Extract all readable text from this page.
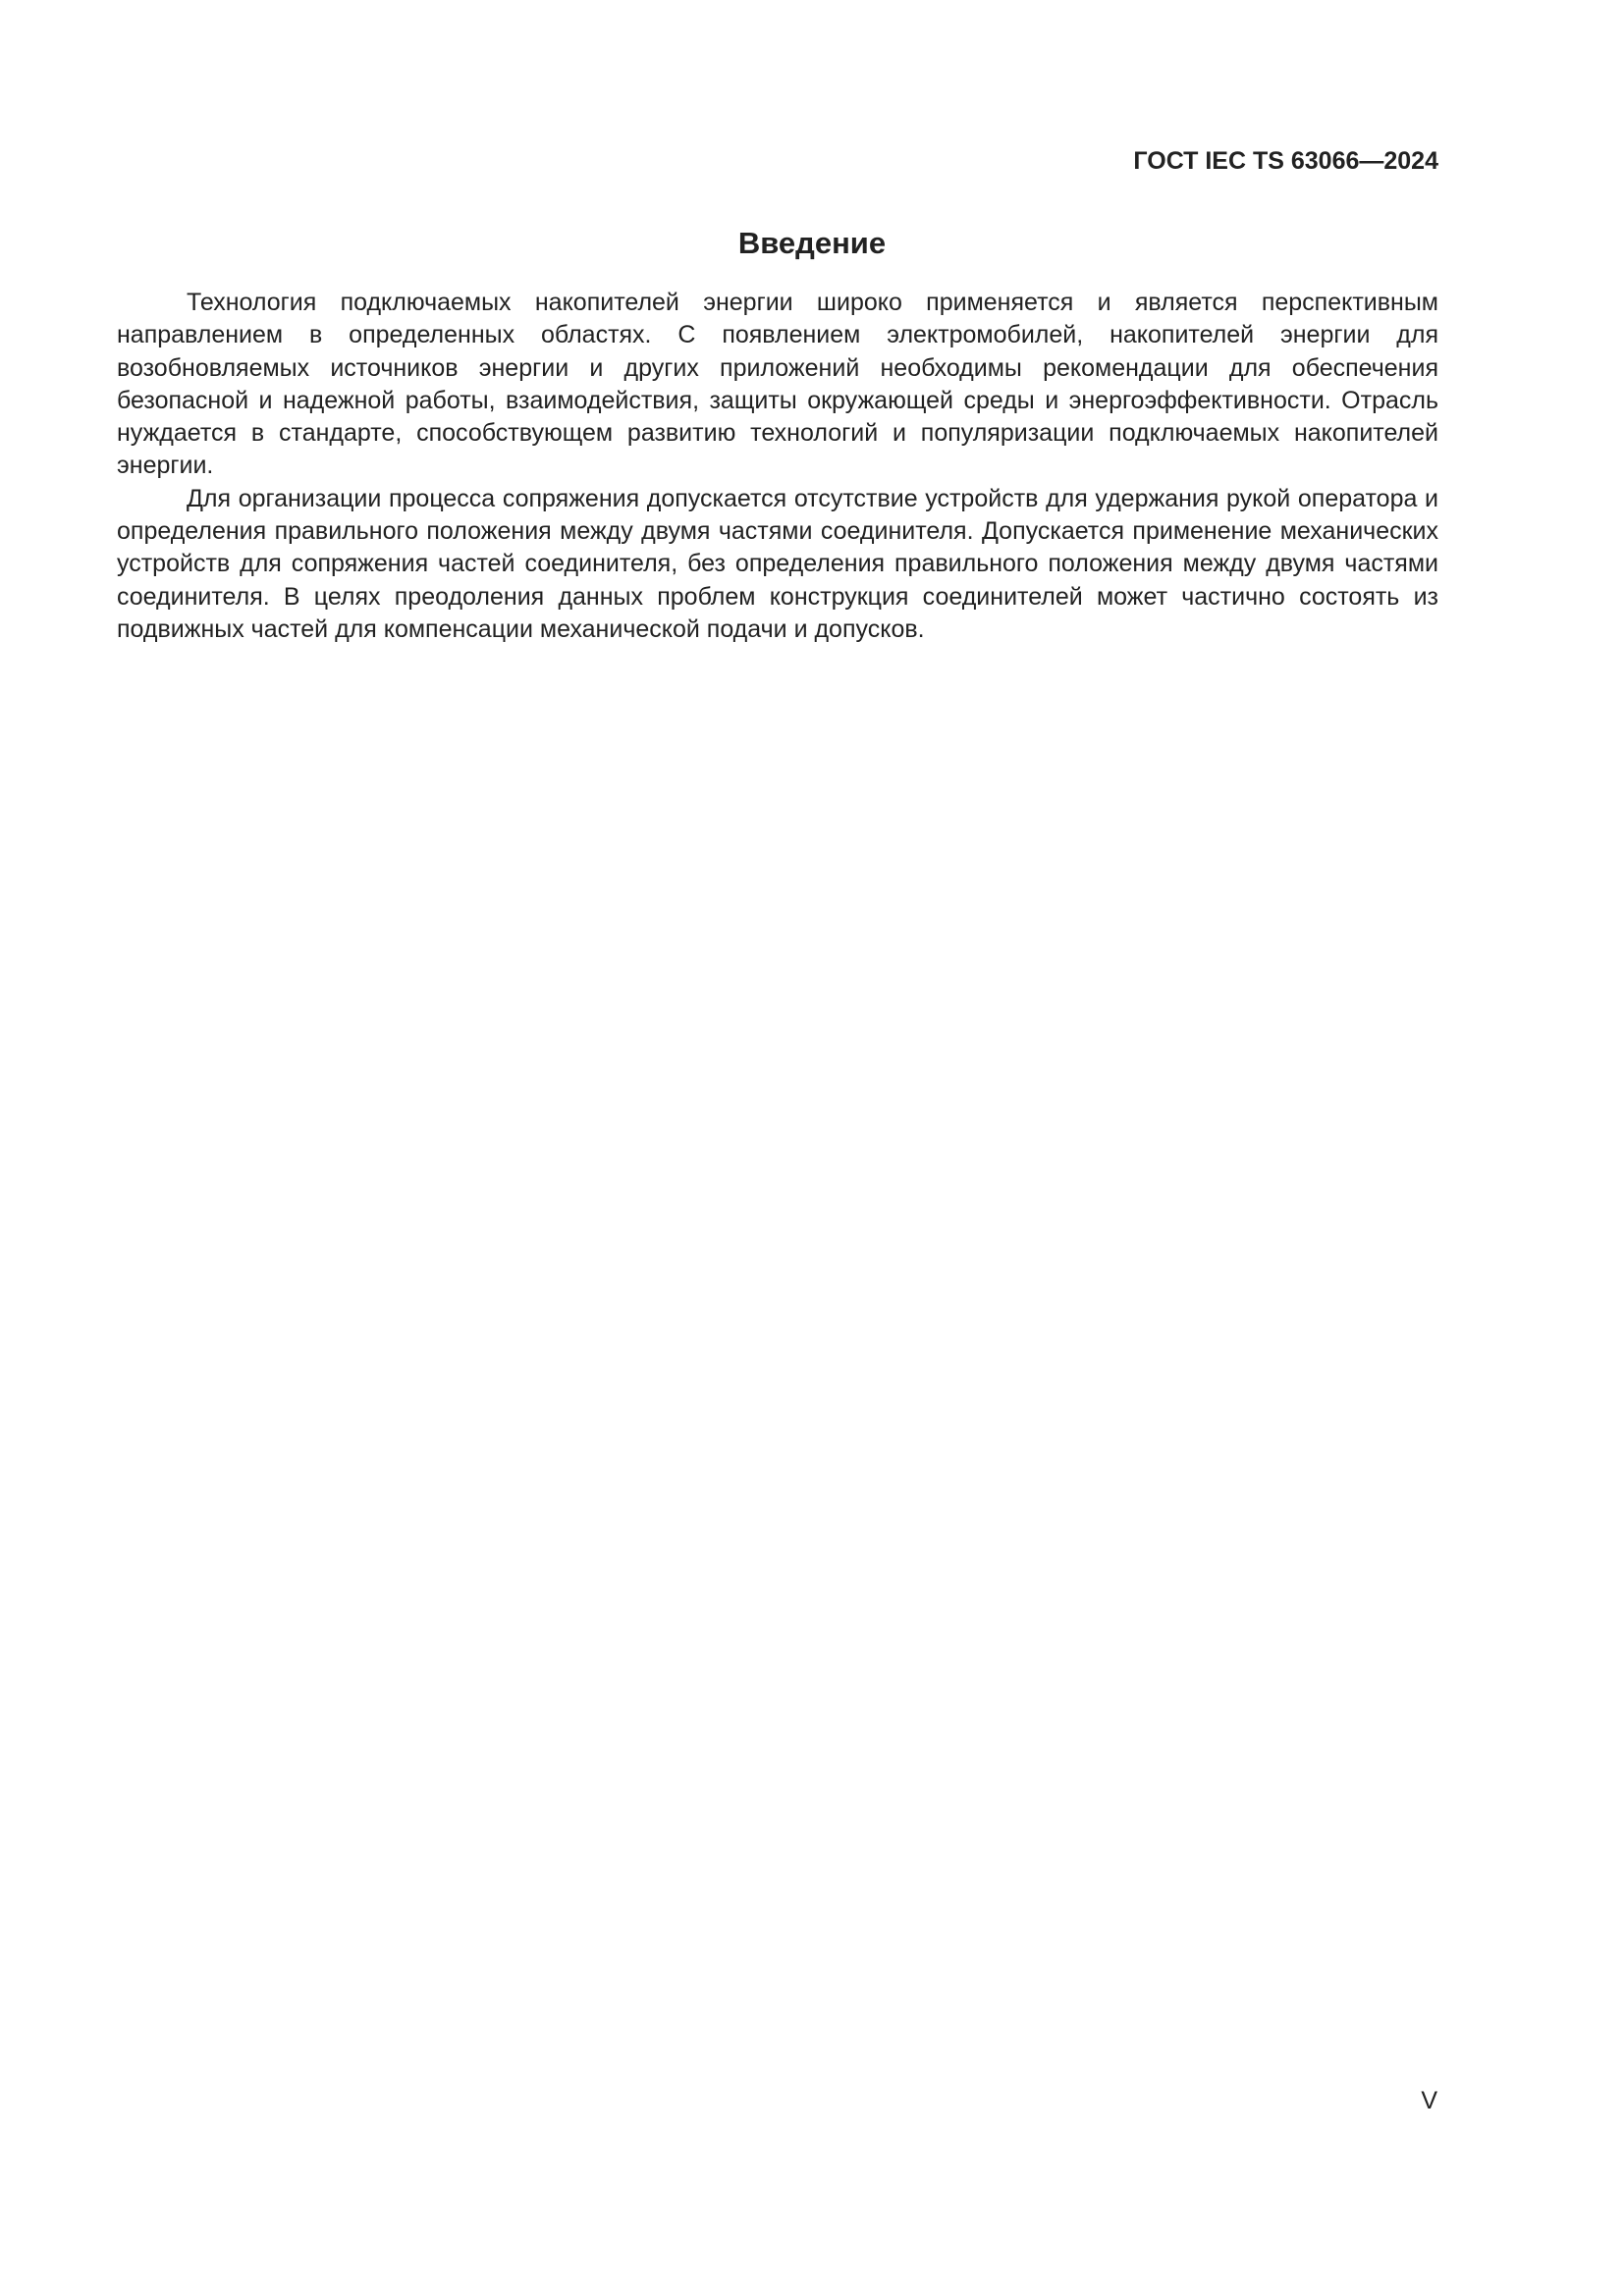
ГОСТ IEC TS 63066—2024
Введение

Технология подключаемых накопителей энергии широко применяется и является перспективным направлением в определенных областях. С появлением электромобилей, накопителей энергии для возобновляемых источников энергии и других приложений необходимы рекомендации для обеспечения безопасной и надежной работы, взаимодействия, защиты окружающей среды и энергоэффективности. Отрасль нуждается в стандарте, способствующем развитию технологий и популяризации подключаемых накопителей энергии.

Для организации процесса сопряжения допускается отсутствие устройств для удержания рукой оператора и определения правильного положения между двумя частями соединителя. Допускается применение механических устройств для сопряжения частей соединителя, без определения правильного положения между двумя частями соединителя. В целях преодоления данных проблем конструкция соединителей может частично состоять из подвижных частей для компенсации механической подачи и допусков.

V
